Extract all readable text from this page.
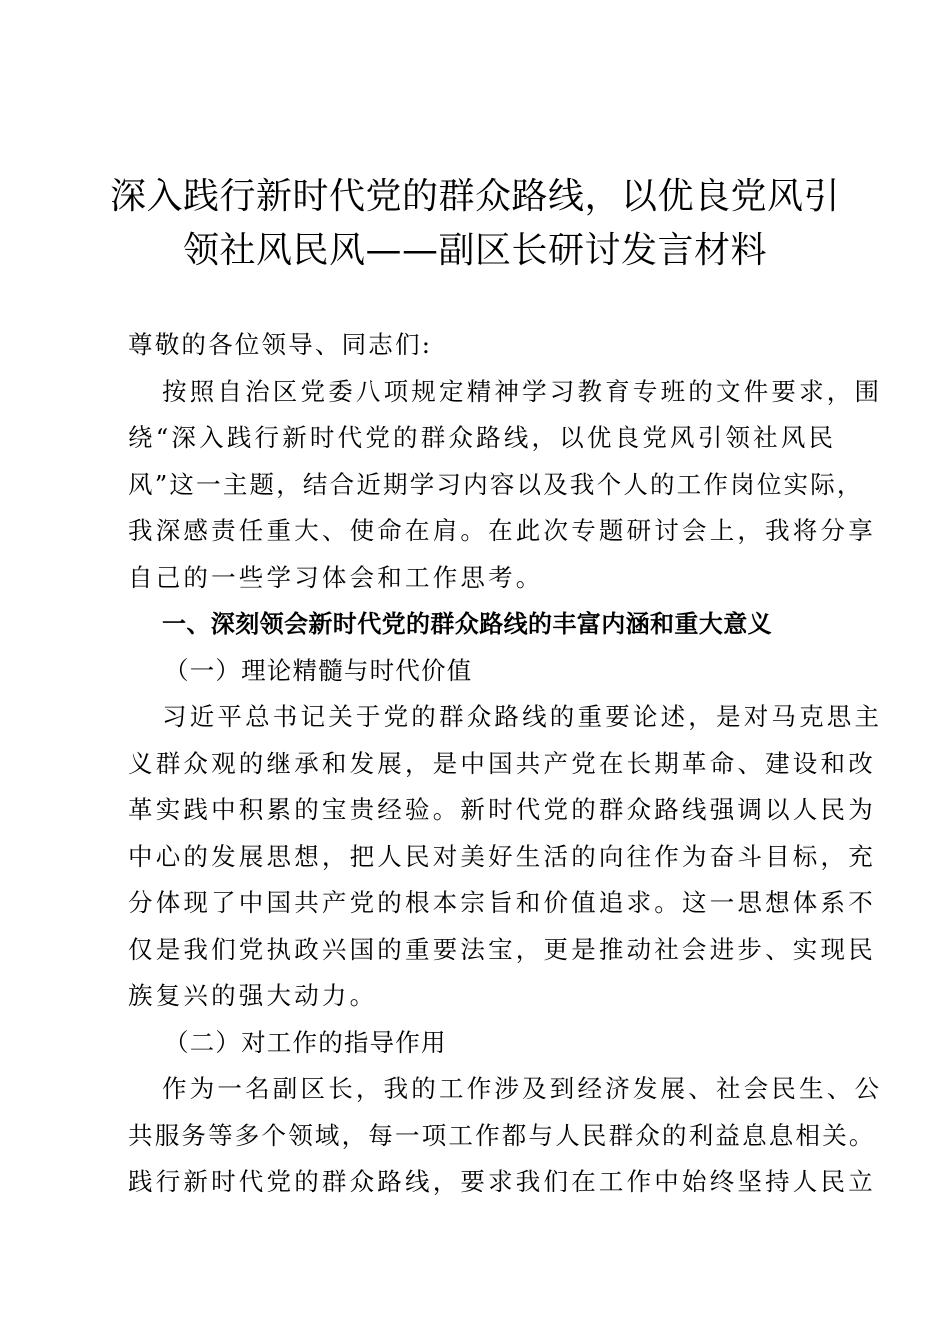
深入践行新时代党的群众路线，以优良党风引
领社风民风——副区长研讨发言材料
尊敬的各位领导、同志们:
按照自治区党委八项规定精神学习教育专班的文件要求，围
绕“深入践行新时代党的群众路线，以优良党风引领社风民
风”这一主题，结合近期学习内容以及我个人的工作岗位实际，
我深感责任重大、使命在肩。在此次专题研讨会上，我将分享
自己的一些学习体会和工作思考。
一、深刻领会新时代党的群众路线的丰富内涵和重大意义
（一）理论精髓与时代价值
习近平总书记关于党的群众路线的重要论述，是对马克思主
义群众观的继承和发展，是中国共产党在长期革命、建设和改
革实践中积累的宝贵经验。新时代党的群众路线强调以人民为
中心的发展思想，把人民对美好生活的向往作为奋斗目标，充
分体现了中国共产党的根本宗旨和价值追求。这一思想体系不
仅是我们党执政兴国的重要法宝，更是推动社会进步、实现民
族复兴的强大动力。
（二）对工作的指导作用
作为一名副区长，我的工作涉及到经济发展、社会民生、公
共服务等多个领域，每一项工作都与人民群众的利益息息相关。
践行新时代党的群众路线，要求我们在工作中始终坚持人民立
